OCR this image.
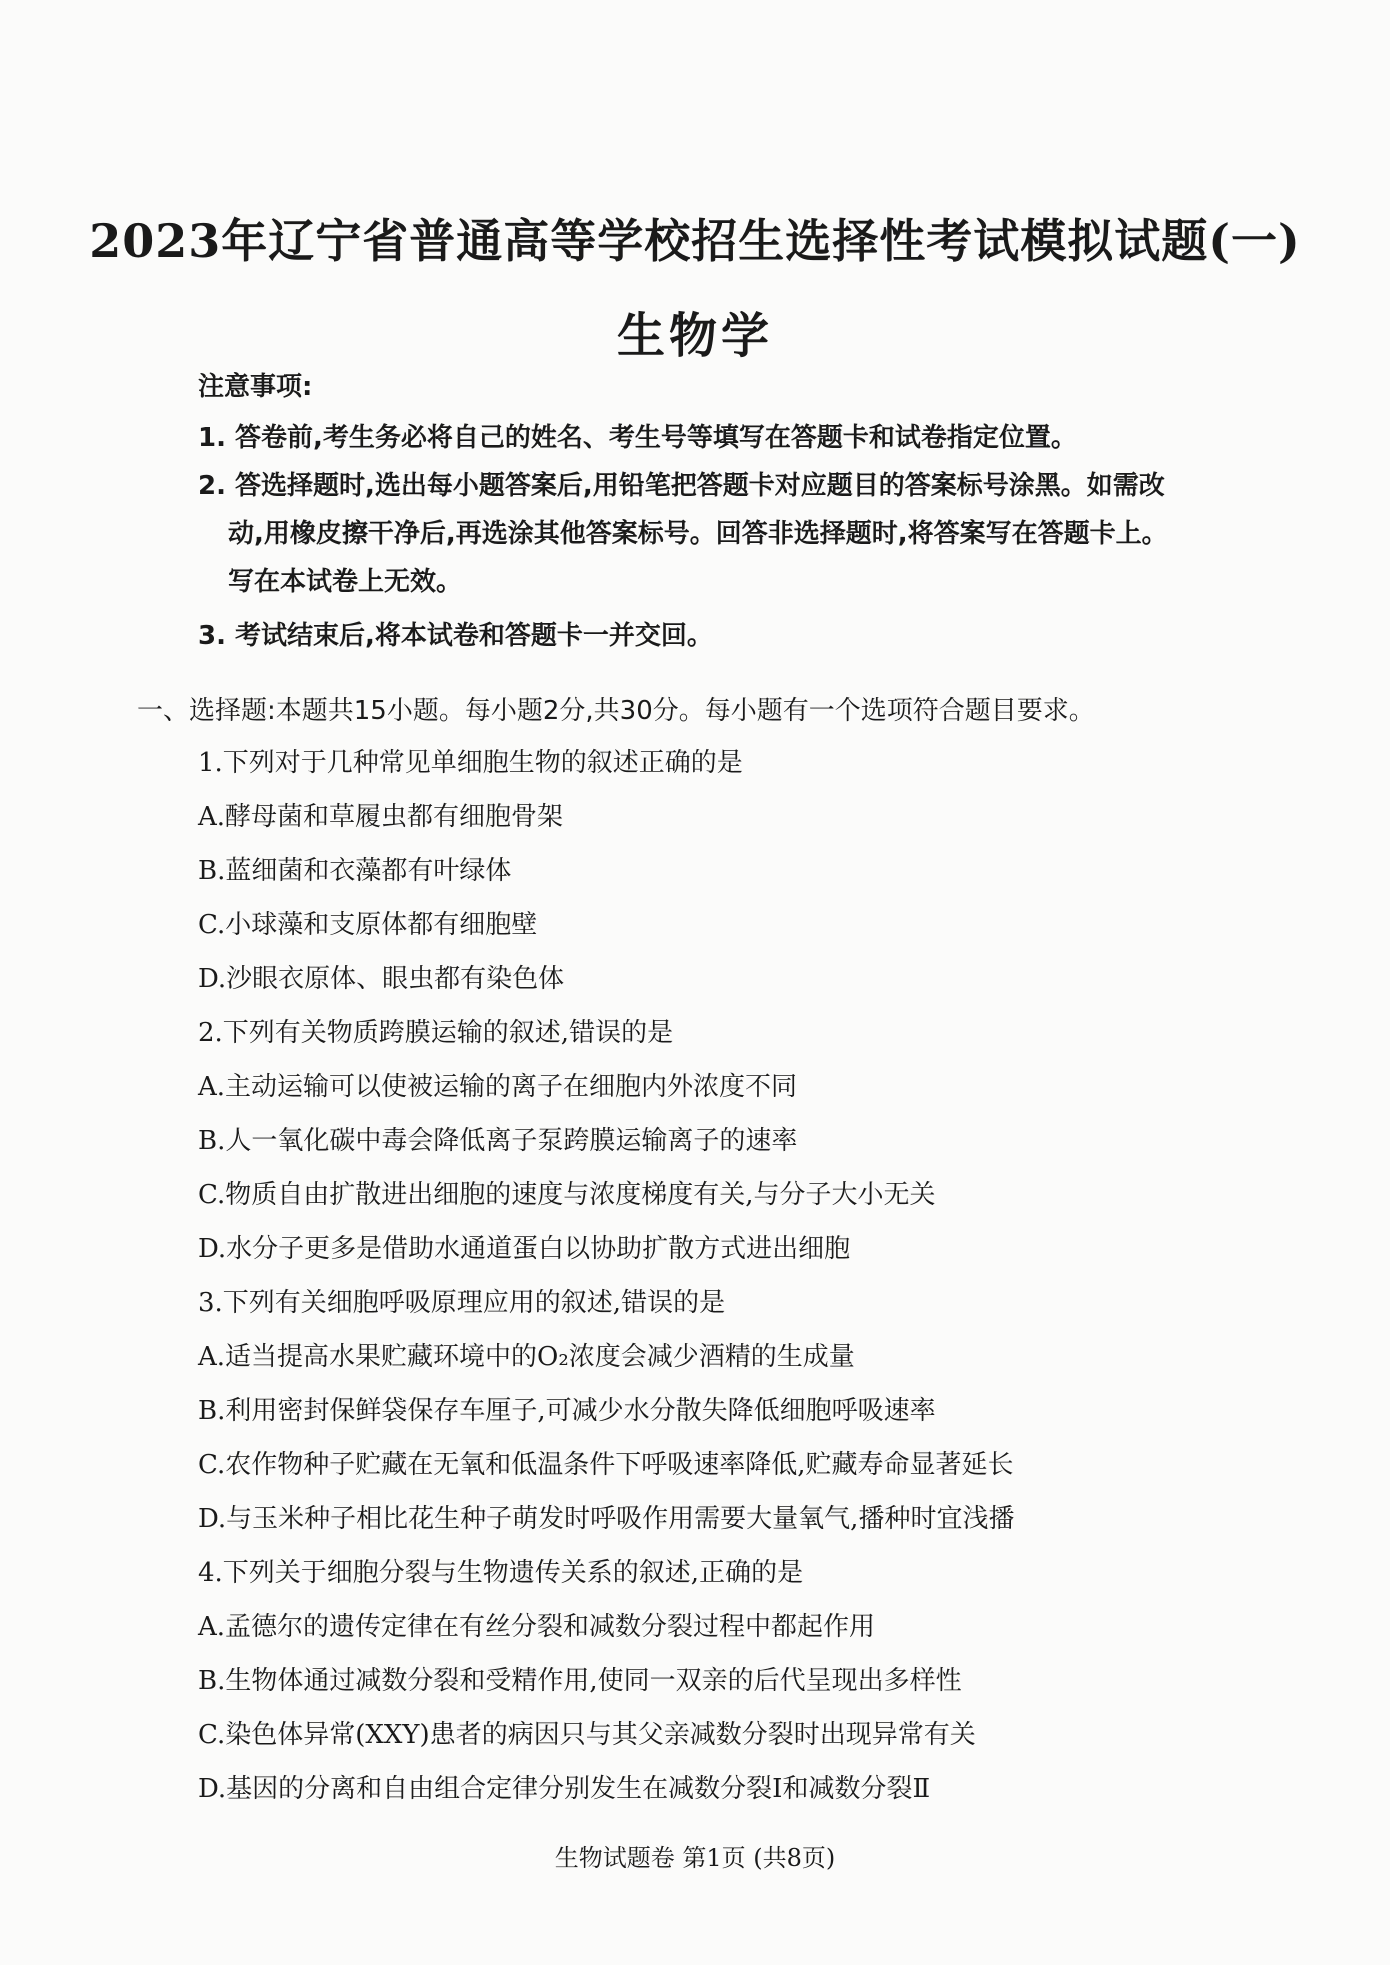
2023年辽宁省普通高等学校招生选择性考试模拟试题(一)
生物学
注意事项:
1. 答卷前,考生务必将自己的姓名、考生号等填写在答题卡和试卷指定位置。
2. 答选择题时,选出每小题答案后,用铅笔把答题卡对应题目的答案标号涂黑。如需改
动,用橡皮擦干净后,再选涂其他答案标号。回答非选择题时,将答案写在答题卡上。
写在本试卷上无效。
3. 考试结束后,将本试卷和答题卡一并交回。
一、选择题:本题共15小题。每小题2分,共30分。每小题有一个选项符合题目要求。
1.下列对于几种常见单细胞生物的叙述正确的是
A.酵母菌和草履虫都有细胞骨架
B.蓝细菌和衣藻都有叶绿体
C.小球藻和支原体都有细胞壁
D.沙眼衣原体、眼虫都有染色体
2.下列有关物质跨膜运输的叙述,错误的是
A.主动运输可以使被运输的离子在细胞内外浓度不同
B.人一氧化碳中毒会降低离子泵跨膜运输离子的速率
C.物质自由扩散进出细胞的速度与浓度梯度有关,与分子大小无关
D.水分子更多是借助水通道蛋白以协助扩散方式进出细胞
3.下列有关细胞呼吸原理应用的叙述,错误的是
A.适当提高水果贮藏环境中的O₂浓度会减少酒精的生成量
B.利用密封保鲜袋保存车厘子,可减少水分散失降低细胞呼吸速率
C.农作物种子贮藏在无氧和低温条件下呼吸速率降低,贮藏寿命显著延长
D.与玉米种子相比花生种子萌发时呼吸作用需要大量氧气,播种时宜浅播
4.下列关于细胞分裂与生物遗传关系的叙述,正确的是
A.孟德尔的遗传定律在有丝分裂和减数分裂过程中都起作用
B.生物体通过减数分裂和受精作用,使同一双亲的后代呈现出多样性
C.染色体异常(XXY)患者的病因只与其父亲减数分裂时出现异常有关
D.基因的分离和自由组合定律分别发生在减数分裂Ⅰ和减数分裂Ⅱ
生物试题卷 第1页 (共8页)
